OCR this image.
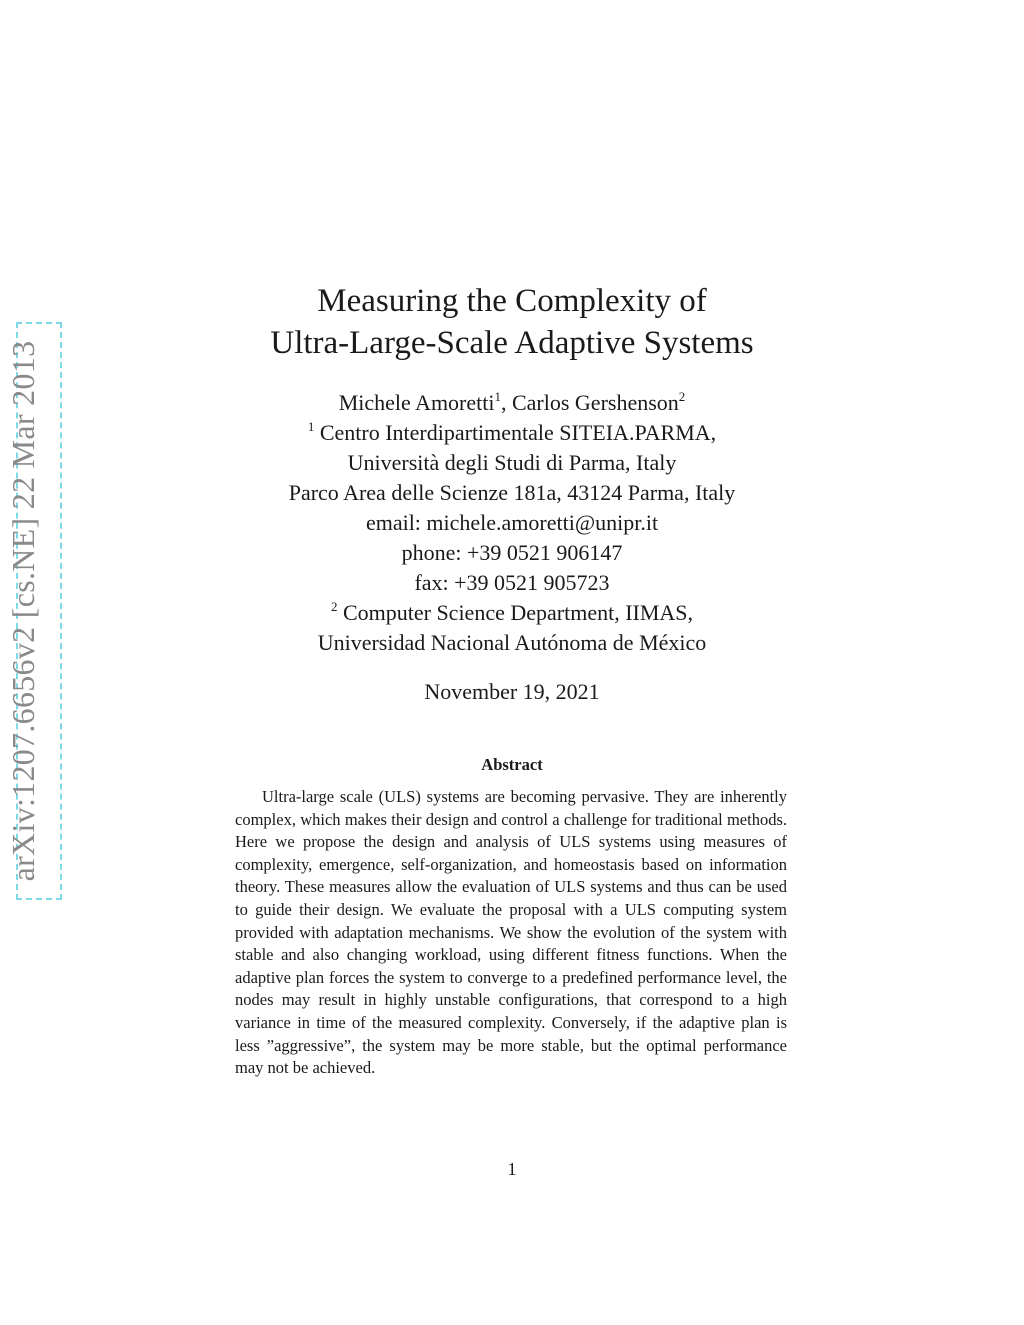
arXiv:1207.6656v2 [cs.NE] 22 Mar 2013
Measuring the Complexity of
Ultra-Large-Scale Adaptive Systems
Michele Amoretti$^1$, Carlos Gershenson$^2$
$^1$ Centro Interdipartimentale SITEIA.PARMA,
Università degli Studi di Parma, Italy
Parco Area delle Scienze 181a, 43124 Parma, Italy
email: michele.amoretti@unipr.it
phone: +39 0521 906147
fax: +39 0521 905723
$^2$ Computer Science Department, IIMAS,
Universidad Nacional Autónoma de México
November 19, 2021
Abstract

Ultra-large scale (ULS) systems are becoming pervasive. They are inherently complex, which makes their design and control a challenge for traditional methods. Here we propose the design and analysis of ULS systems using measures of complexity, emergence, self-organization, and homeostasis based on information theory. These measures allow the evaluation of ULS systems and thus can be used to guide their design. We evaluate the proposal with a ULS computing system provided with adaptation mechanisms. We show the evolution of the system with stable and also changing workload, using different fitness functions. When the adaptive plan forces the system to converge to a predefined performance level, the nodes may result in highly unstable configurations, that correspond to a high variance in time of the measured complexity. Conversely, if the adaptive plan is less ”aggressive”, the system may be more stable, but the optimal performance may not be achieved.

1
